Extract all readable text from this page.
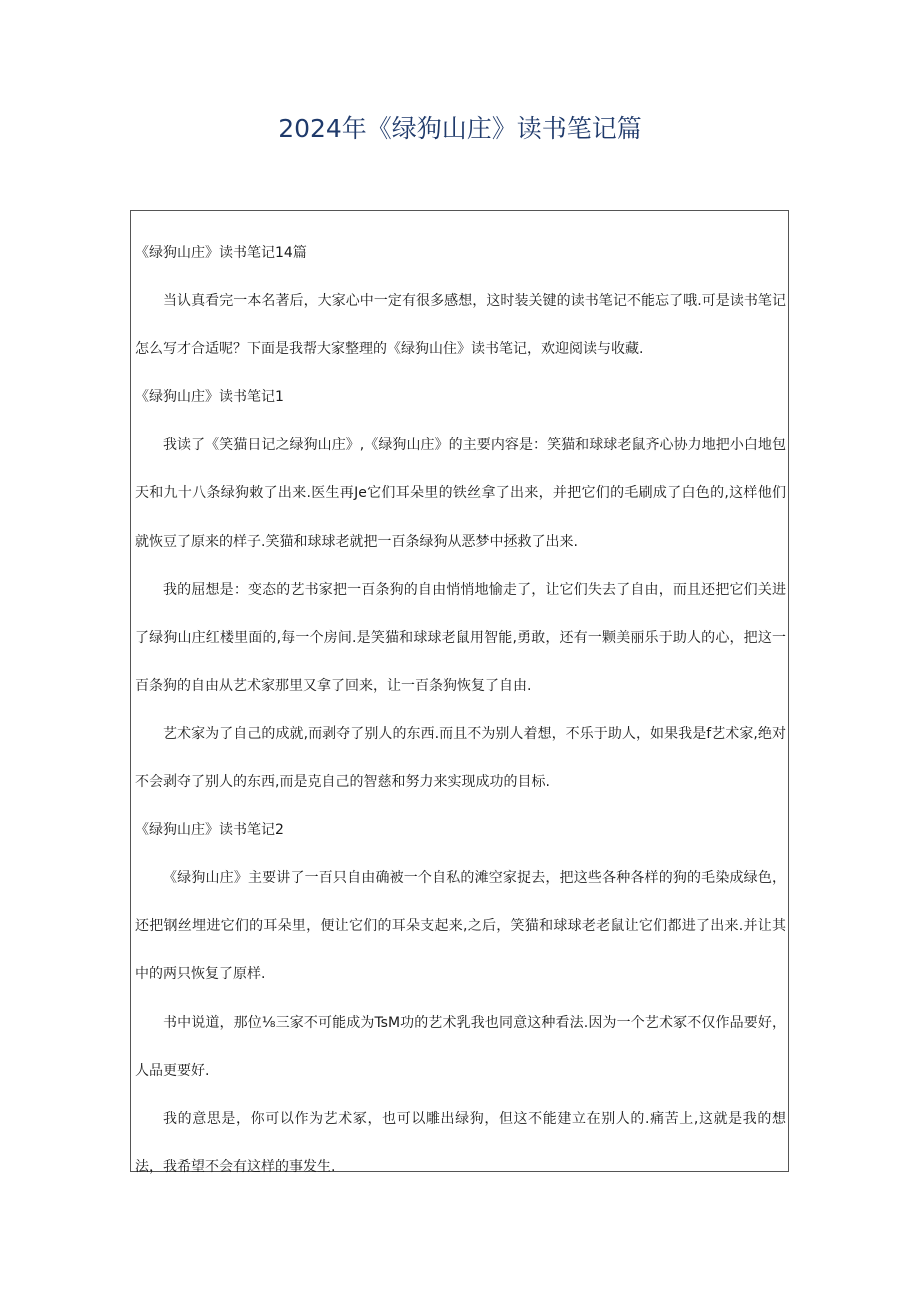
2024年《绿狗山庄》读书笔记篇

《绿狗山庄》读书笔记14篇

当认真看完一本名著后，大家心中一定有很多感想，这时装关键的读书笔记不能忘了哦.可是读书笔记怎么写才合适呢？下面是我帮大家整理的《绿狗山住》读书笔记，欢迎阅读与收藏.

《绿狗山庄》读书笔记1

我读了《笑猫日记之绿狗山庄》,《绿狗山庄》的主要内容是：笑猫和球球老鼠齐心协力地把小白地包天和九十八条绿狗敕了出来.医生再Je它们耳朵里的铁丝拿了出来，并把它们的毛刷成了白色的,这样他们就恢豆了原来的样子.笑猫和球球老就把一百条绿狗从恶梦中拯救了出来.

我的屈想是：变态的艺书家把一百条狗的自由悄悄地愉走了，让它们失去了自由，而且还把它们关进了绿狗山庄红楼里面的,每一个房间.是笑猫和球球老鼠用智能,勇敢，还有一颗美丽乐于助人的心，把这一百条狗的自由从艺术家那里又拿了回来，让一百条狗恢复了自由.

艺术家为了自己的成就,而剥夺了别人的东西.而且不为别人着想，不乐于助人，如果我是f艺术家,绝对不会剥夺了别人的东西,而是克自己的智慈和努力来实现成功的目标.

《绿狗山庄》读书笔记2

《绿狗山庄》主要讲了一百只自由确被一个自私的滩空家捉去，把这些各种各样的狗的毛染成绿色，还把钢丝埋进它们的耳朵里，便让它们的耳朵支起来,之后，笑猫和球球老老鼠让它们都进了出来.并让其中的两只恢复了原样.

书中说道，那位⅛三家不可能成为TsM功的艺术乳我也同意这种看法.因为一个艺术冢不仅作品要好，人品更要好.

我的意思是，你可以作为艺术冢，也可以雕出绿狗，但这不能建立在别人的.痛苦上,这就是我的想法，我希望不会有这样的事发生.
